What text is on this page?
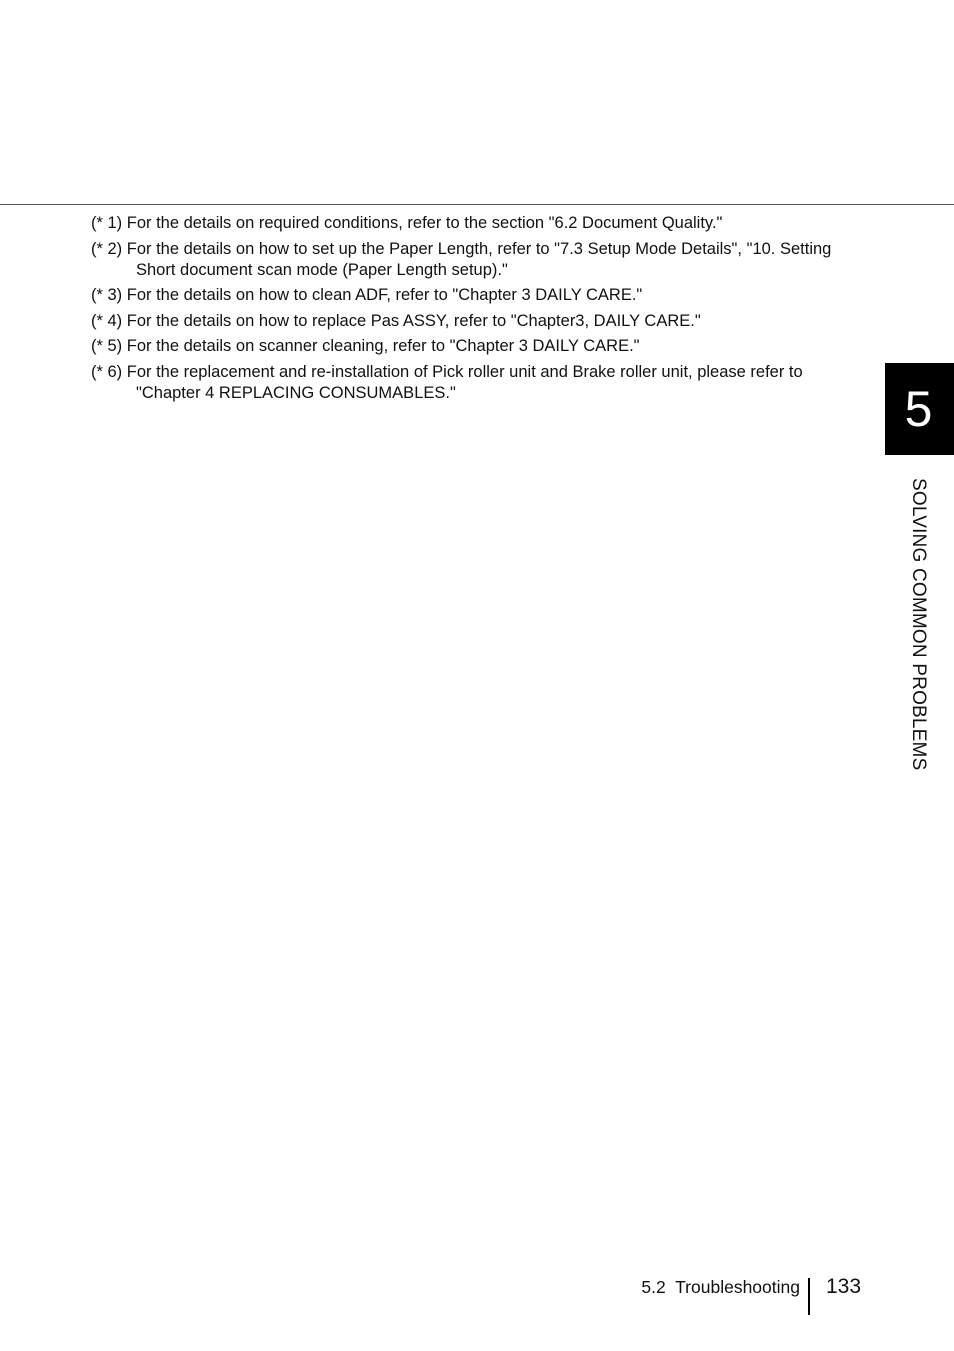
(* 1) For the details on required conditions, refer to the section "6.2 Document Quality."
(* 2) For the details on how to set up the Paper Length, refer to "7.3 Setup Mode Details", "10. Setting Short document scan mode (Paper Length setup)."
(* 3) For the details on how to clean ADF, refer to "Chapter 3 DAILY CARE."
(* 4) For the details on how to replace Pas ASSY, refer to "Chapter3, DAILY CARE."
(* 5) For the details on scanner cleaning, refer to "Chapter 3 DAILY CARE."
(* 6) For the replacement and re-installation of Pick roller unit and Brake roller unit, please refer to "Chapter 4 REPLACING CONSUMABLES."	5
SOLVING COMMON PROBLEMS
5.2  Troubleshooting 133
